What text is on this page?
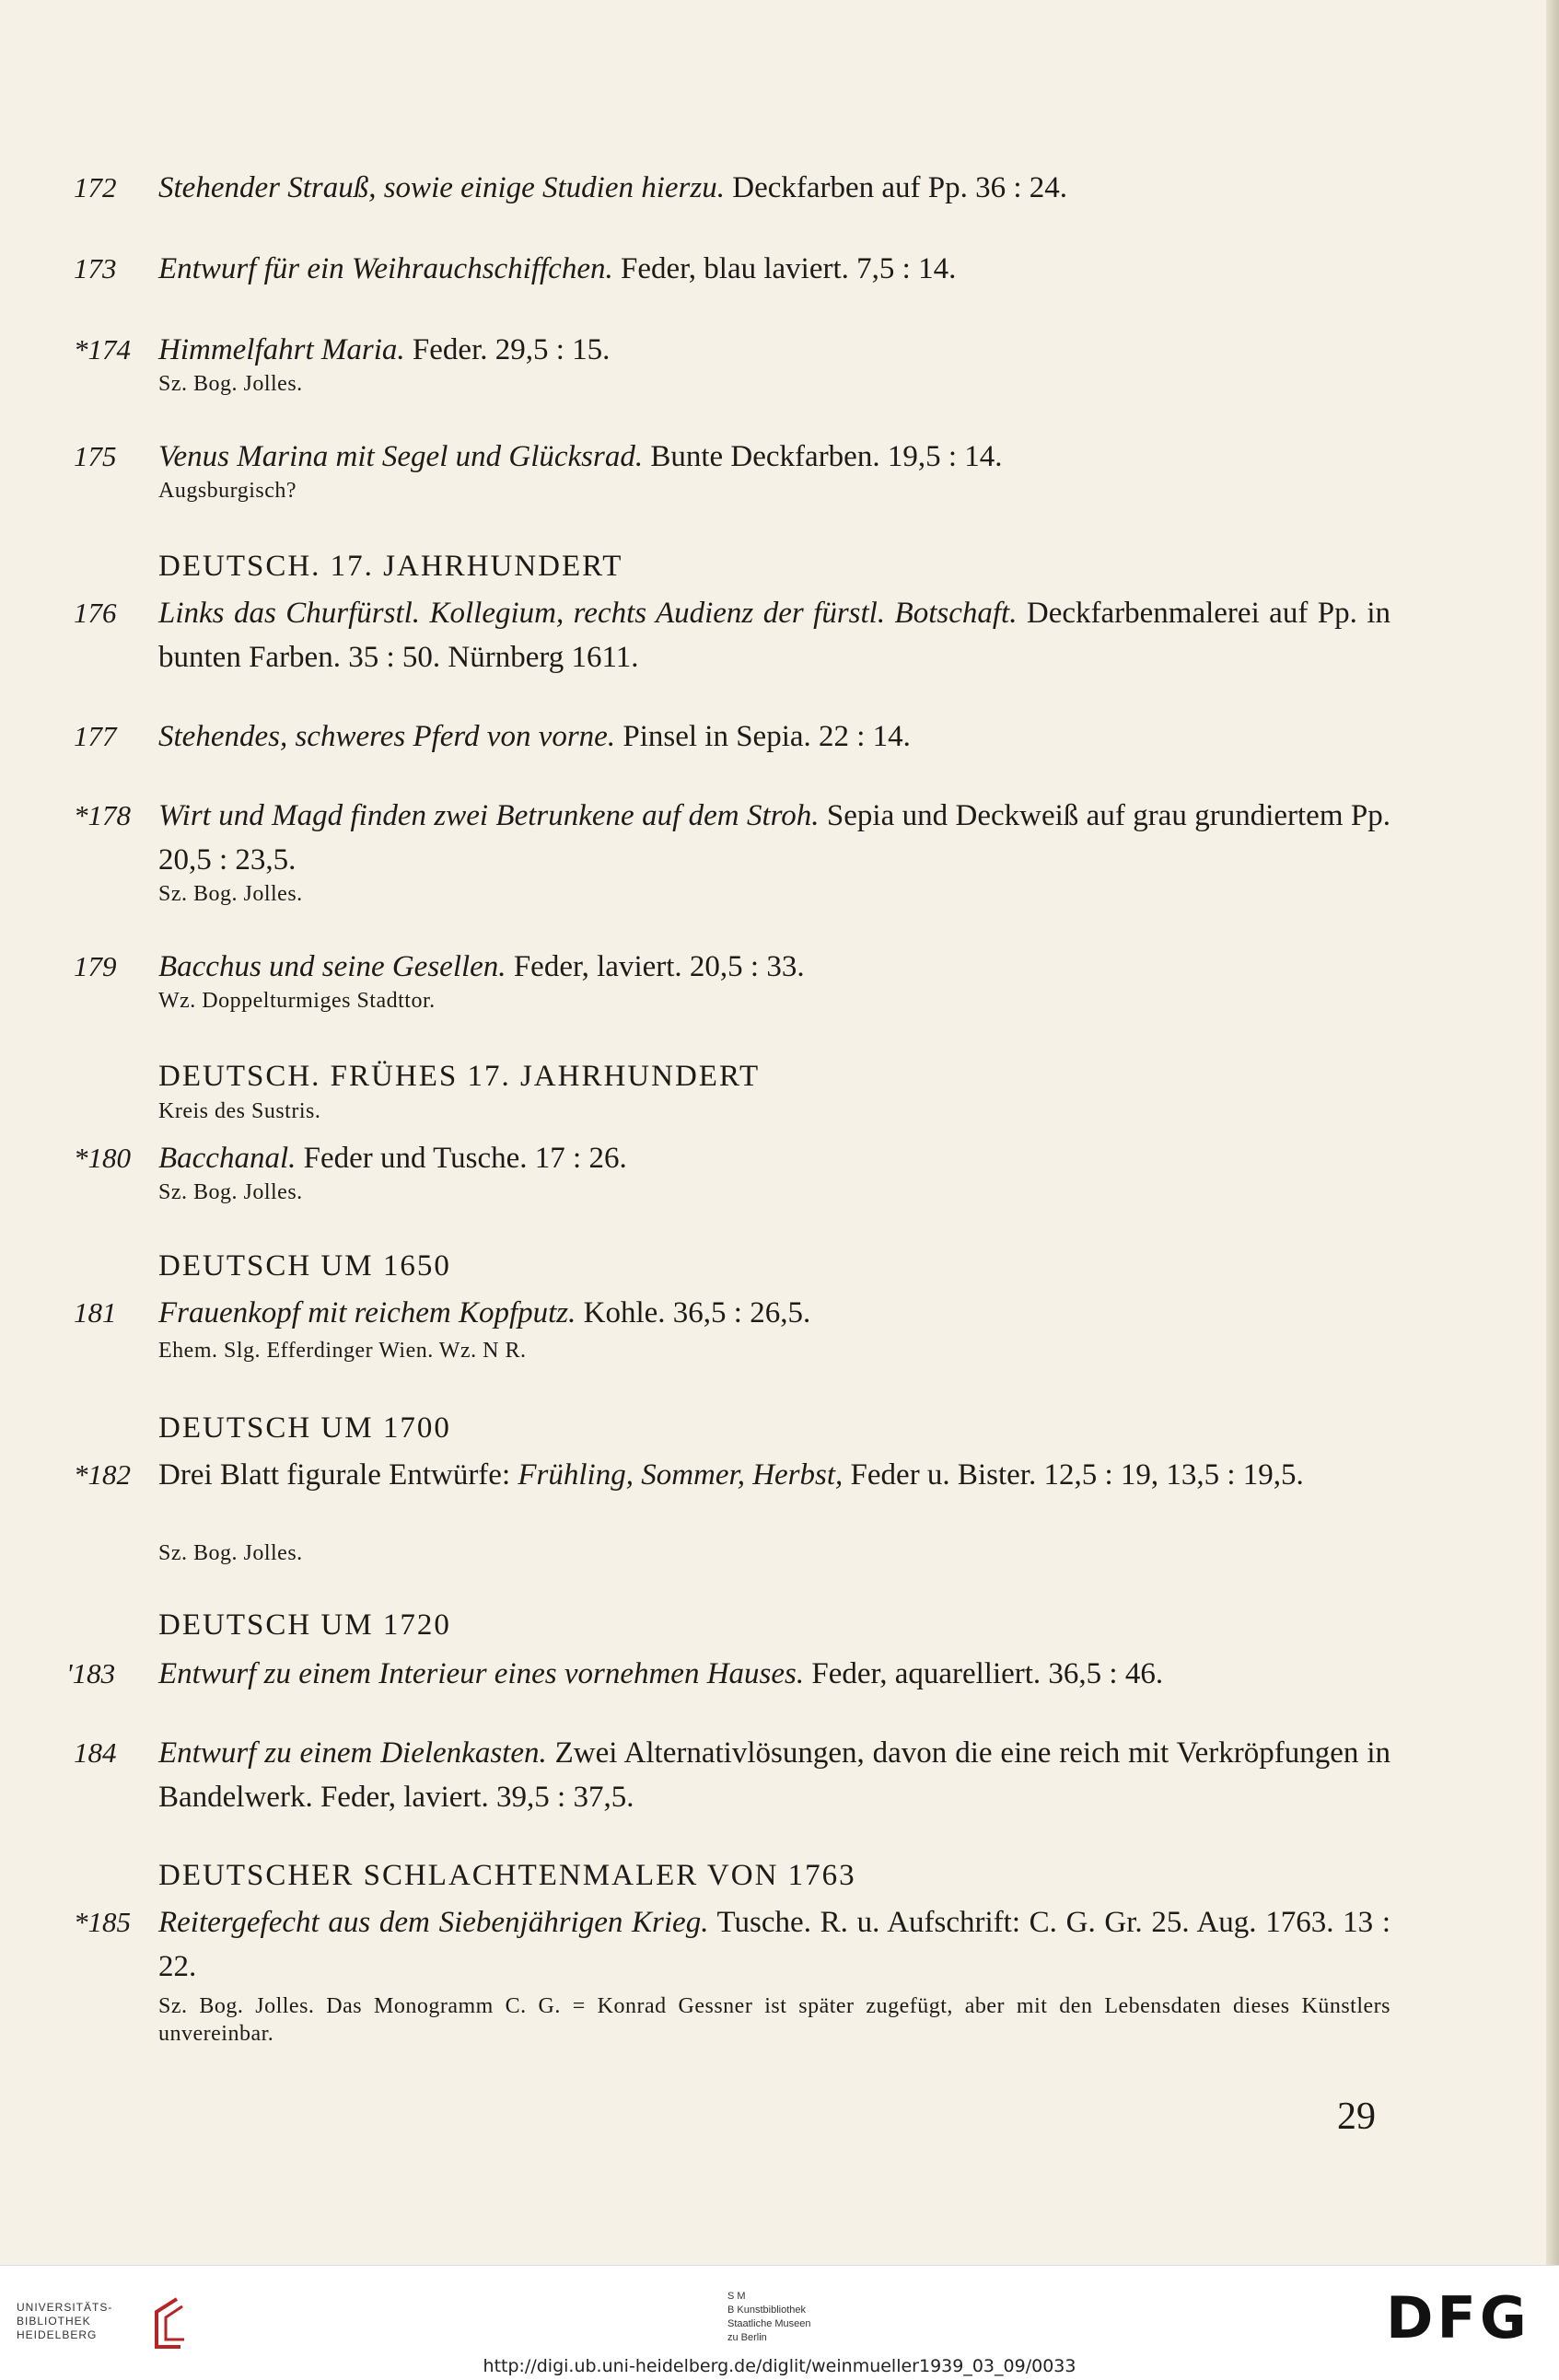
172	Stehender Strauß, sowie einige Studien hierzu. Deckfarben auf Pp. 36 : 24.
173	Entwurf für ein Weihrauchschiffchen. Feder, blau laviert. 7,5 : 14.
*174 Himmelfahrt Maria. Feder. 29,5 : 15.
Sz. Bog. Jolles.
175	Venus Marina mit Segel und Glücksrad. Bunte Deckfarben. 19,5 : 14.
Augsburgisch?
DEUTSCH. 17. JAHRHUNDERT
176	Links das Churfürstl. Kollegium, rechts Audienz der fürstl. Botschaft. Deckfarbenmalerei auf Pp. in bunten Farben. 35 : 50. Nürnberg 1611.
177	Stehendes, schweres Pferd von vorne. Pinsel in Sepia. 22 : 14.
*178 Wirt und Magd finden zwei Betrunkene auf dem Stroh. Sepia und Deckweiß auf grau grundiertem Pp. 20,5 : 23,5.
Sz. Bog. Jolles.
179	Bacchus und seine Gesellen. Feder, laviert. 20,5 : 33.
Wz. Doppelturmiges Stadttor.
DEUTSCH. FRÜHES 17. JAHRHUNDERT
Kreis des Sustris.
*180 Bacchanal. Feder und Tusche. 17 : 26.
Sz. Bog. Jolles.
DEUTSCH UM 1650
181	Frauenkopf mit reichem Kopfputz. Kohle. 36,5 : 26,5.
Ehem. Slg. Efferdinger Wien. Wz. N R.
DEUTSCH UM 1700
*182 Drei Blatt figurale Entwürfe: Frühling, Sommer, Herbst, Feder u. Bister. 12,5 : 19, 13,5 : 19,5.
Sz. Bog. Jolles.
DEUTSCH UM 1720
'183	Entwurf zu einem Interieur eines vornehmen Hauses. Feder, aquarelliert. 36,5 : 46.
184	Entwurf zu einem Dielenkasten. Zwei Alternativlösungen, davon die eine reich mit Verkröpfungen in Bandelwerk. Feder, laviert. 39,5 : 37,5.
DEUTSCHER SCHLACHTENMALER VON 1763
*185 Reitergefecht aus dem Siebenjährigen Krieg. Tusche. R. u. Aufschrift: C. G. Gr. 25. Aug. 1763. 13 : 22.
Sz. Bog. Jolles. Das Monogramm C. G. = Konrad Gessner ist später zugefügt, aber mit den Lebensdaten dieses Künstlers unvereinbar.
29
UNIVERSITÄTS-
BIBLIOTHEK
HEIDELBERG
S M
B Kunstbibliothek
Staatliche Museen
zu Berlin	DFG
http://digi.ub.uni-heidelberg.de/diglit/weinmueller1939_03_09/0033
